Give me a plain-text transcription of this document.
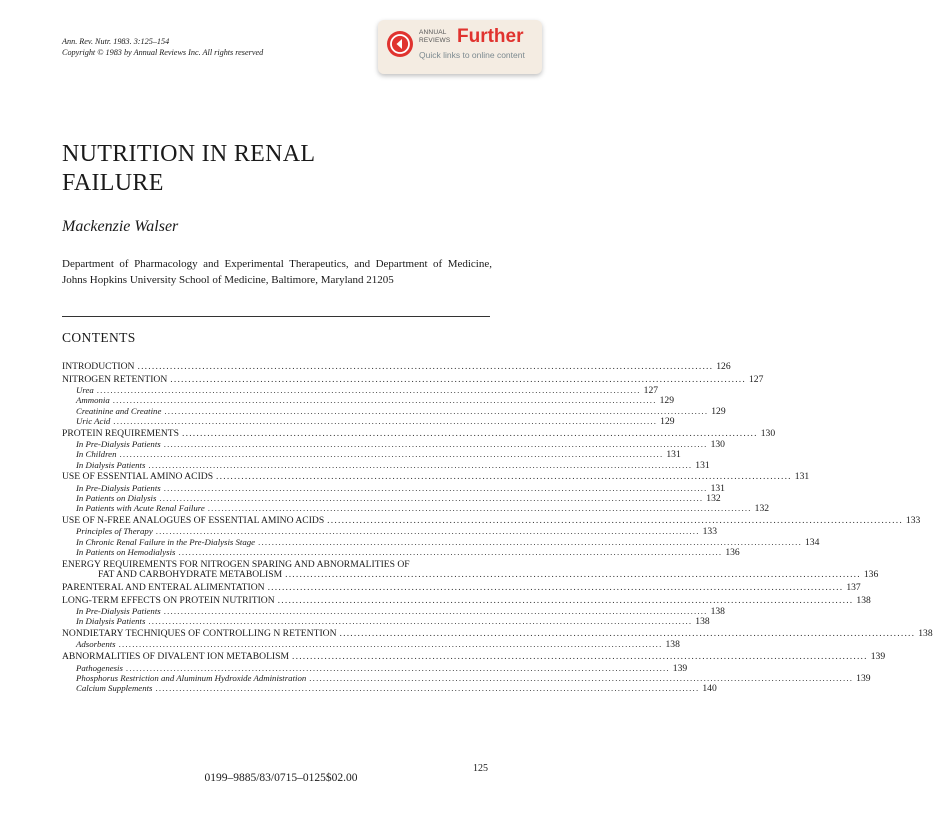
Ann. Rev. Nutr. 1983. 3:125–154
Copyright © 1983 by Annual Reviews Inc. All rights reserved
ANNUAL
REVIEWS Further
Quick links to online content
NUTRITION IN RENAL
FAILURE
Mackenzie Walser
Department of Pharmacology and Experimental Therapeutics, and Department of Medicine, Johns Hopkins University School of Medicine, Baltimore, Maryland 21205
CONTENTS
INTRODUCTION ................................................................................................................................................................ 126
NITROGEN RETENTION ................................................................................................................................................................ 127
Urea ................................................................................................................................................................ 127
Ammonia ................................................................................................................................................................ 129
Creatinine and Creatine ................................................................................................................................................................ 129
Uric Acid ................................................................................................................................................................ 129
PROTEIN REQUIREMENTS ................................................................................................................................................................ 130
In Pre-Dialysis Patients ................................................................................................................................................................ 130
In Children ................................................................................................................................................................ 131
In Dialysis Patients ................................................................................................................................................................ 131
USE OF ESSENTIAL AMINO ACIDS ................................................................................................................................................................ 131
In Pre-Dialysis Patients ................................................................................................................................................................ 131
In Patients on Dialysis ................................................................................................................................................................ 132
In Patients with Acute Renal Failure ................................................................................................................................................................ 132
USE OF N-FREE ANALOGUES OF ESSENTIAL AMINO ACIDS ................................................................................................................................................................ 133
Principles of Therapy ................................................................................................................................................................ 133
In Chronic Renal Failure in the Pre-Dialysis Stage ................................................................................................................................................................ 134
In Patients on Hemodialysis ................................................................................................................................................................ 136
ENERGY REQUIREMENTS FOR NITROGEN SPARING AND ABNORMALITIES OF
FAT AND CARBOHYDRATE METABOLISM ................................................................................................................................................................ 136
PARENTERAL AND ENTERAL ALIMENTATION ................................................................................................................................................................ 137
LONG-TERM EFFECTS ON PROTEIN NUTRITION ................................................................................................................................................................ 138
In Pre-Dialysis Patients ................................................................................................................................................................ 138
In Dialysis Patients ................................................................................................................................................................ 138
NONDIETARY TECHNIQUES OF CONTROLLING N RETENTION ................................................................................................................................................................ 138
Adsorbents ................................................................................................................................................................ 138
ABNORMALITIES OF DIVALENT ION METABOLISM ................................................................................................................................................................ 139
Pathogenesis ................................................................................................................................................................ 139
Phosphorus Restriction and Aluminum Hydroxide Administration ................................................................................................................................................................ 139
Calcium Supplements ................................................................................................................................................................ 140
125
0199–9885/83/0715–0125$02.00
